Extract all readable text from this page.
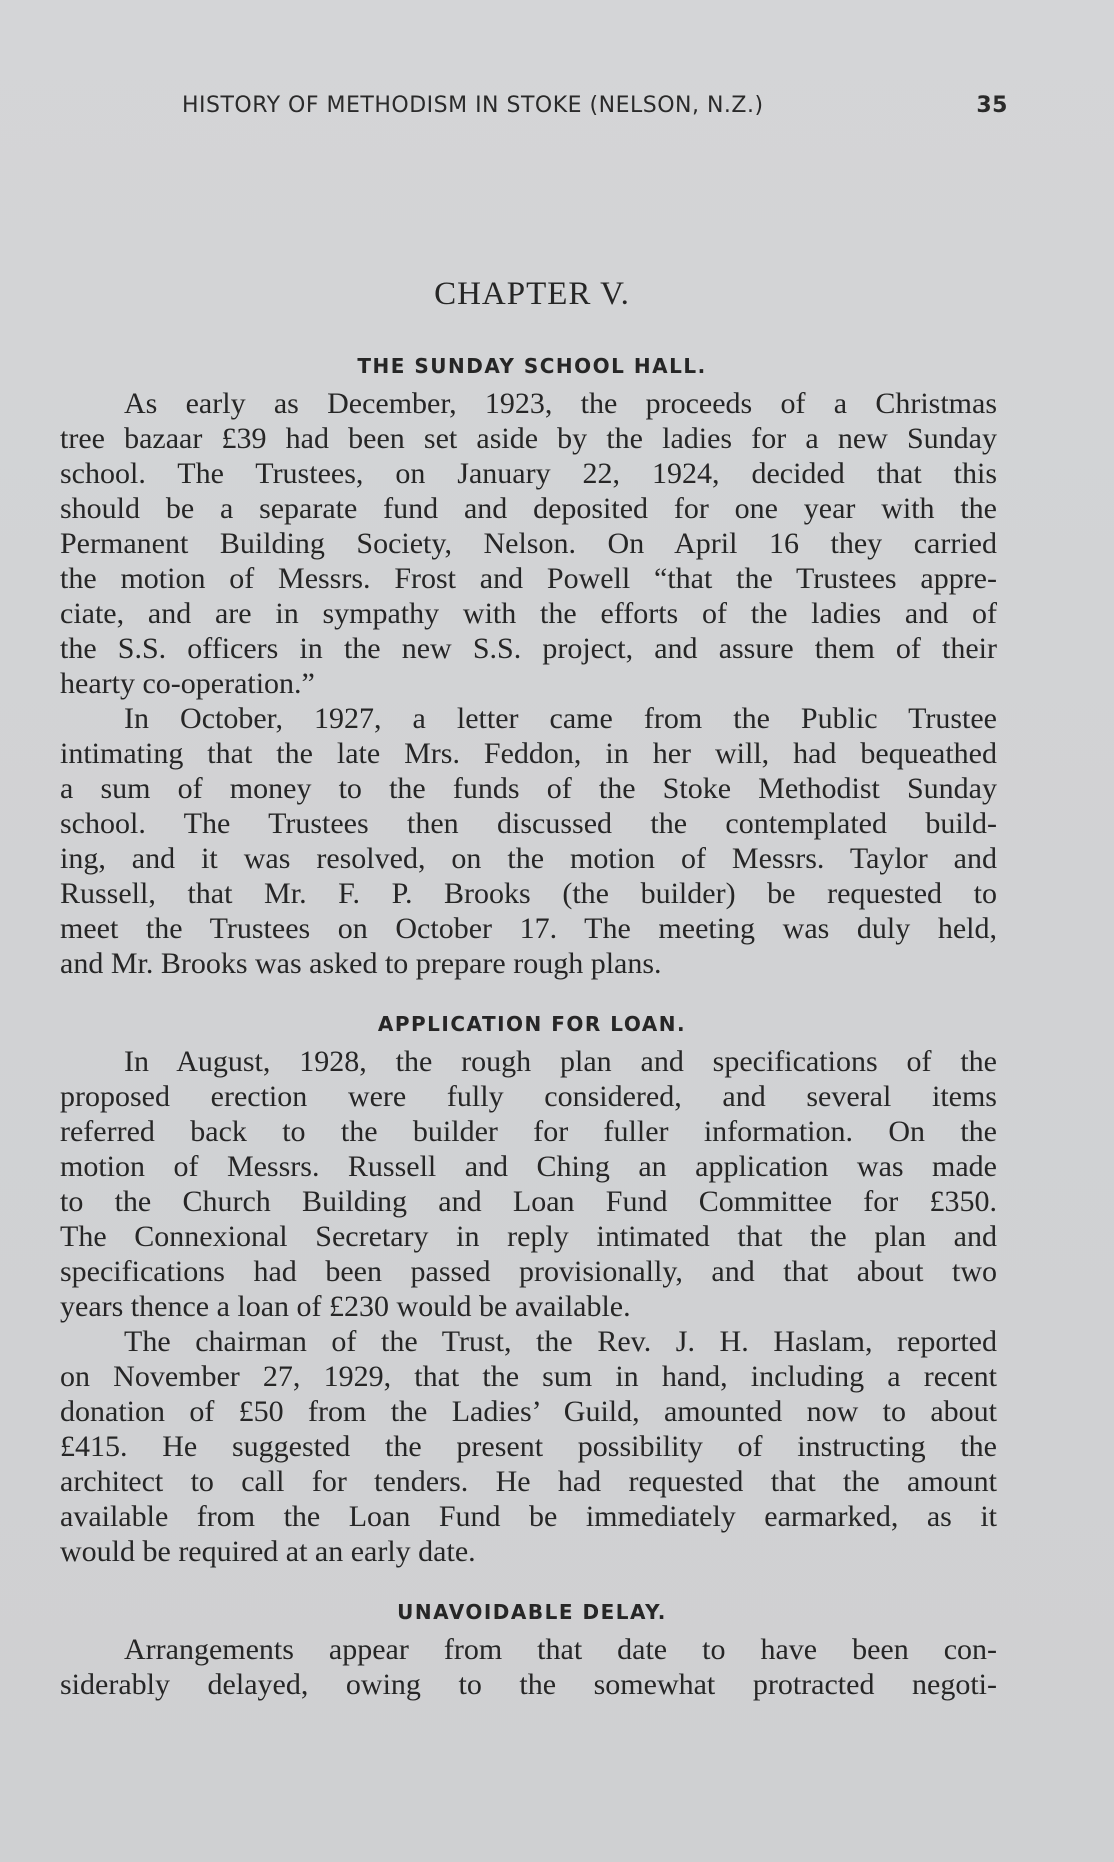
HISTORY OF METHODISM IN STOKE (NELSON, N.Z.)	35
CHAPTER V.
THE SUNDAY SCHOOL HALL.
As early as December, 1923, the proceeds of a Christmas
tree bazaar £39 had been set aside by the ladies for a new Sunday
school. The Trustees, on January 22, 1924, decided that this
should be a separate fund and deposited for one year with the
Permanent Building Society, Nelson. On April 16 they carried
the motion of Messrs. Frost and Powell “that the Trustees appre-
ciate, and are in sympathy with the efforts of the ladies and of
the S.S. officers in the new S.S. project, and assure them of their
hearty co-operation.”
In October, 1927, a letter came from the Public Trustee
intimating that the late Mrs. Feddon, in her will, had bequeathed
a sum of money to the funds of the Stoke Methodist Sunday
school. The Trustees then discussed the contemplated build-
ing, and it was resolved, on the motion of Messrs. Taylor and
Russell, that Mr. F. P. Brooks (the builder) be requested to
meet the Trustees on October 17. The meeting was duly held,
and Mr. Brooks was asked to prepare rough plans.
APPLICATION FOR LOAN.
In August, 1928, the rough plan and specifications of the
proposed erection were fully considered, and several items
referred back to the builder for fuller information. On the
motion of Messrs. Russell and Ching an application was made
to the Church Building and Loan Fund Committee for £350.
The Connexional Secretary in reply intimated that the plan and
specifications had been passed provisionally, and that about two
years thence a loan of £230 would be available.
The chairman of the Trust, the Rev. J. H. Haslam, reported
on November 27, 1929, that the sum in hand, including a recent
donation of £50 from the Ladies’ Guild, amounted now to about
£415. He suggested the present possibility of instructing the
architect to call for tenders. He had requested that the amount
available from the Loan Fund be immediately earmarked, as it
would be required at an early date.
UNAVOIDABLE DELAY.
Arrangements appear from that date to have been con-
siderably delayed, owing to the somewhat protracted negoti-
